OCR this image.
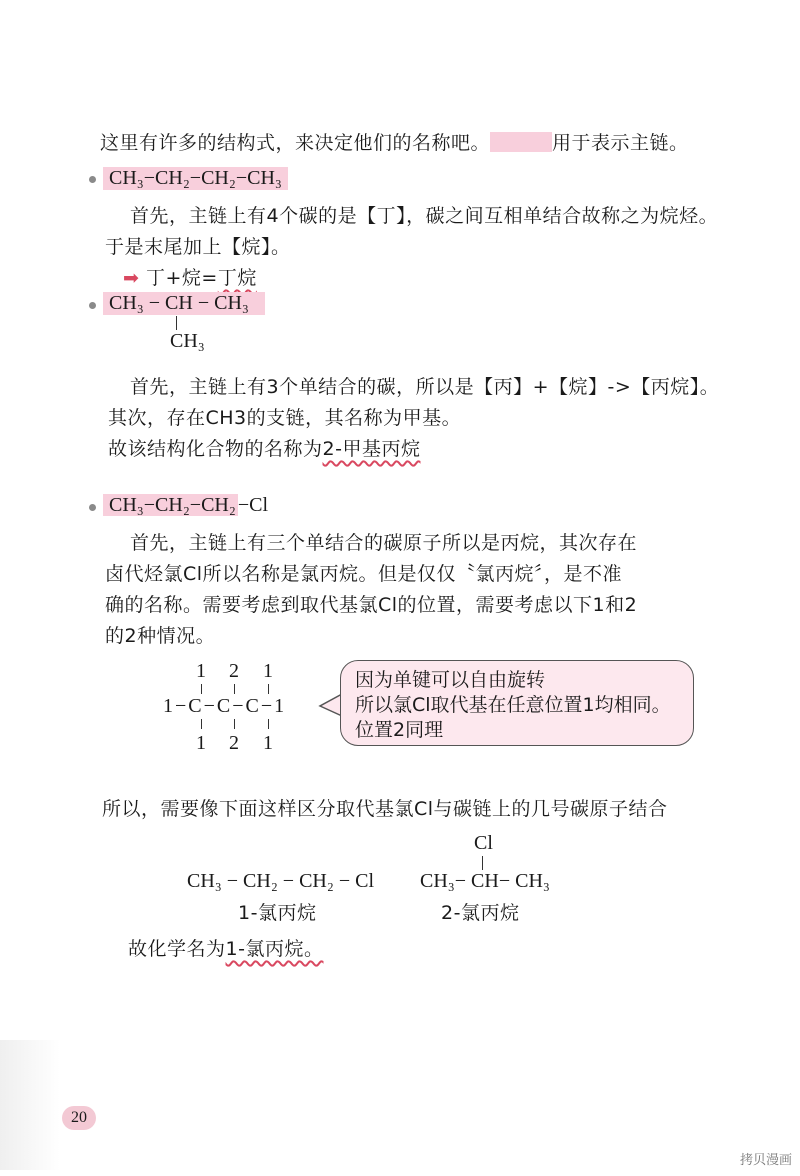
这里有许多的结构式，来决定他们的名称吧。	用于表示主链。
CH₃−CH₂−CH₂−CH₃
首先，主链上有4个碳的是【丁】，碳之间互相单结合故称之为烷烃。
于是末尾加上【烷】。
➡ 丁+烷=丁烷
CH₃ − CH − CH₃
CH₃
首先，主链上有3个单结合的碳，所以是【丙】+【烷】->【丙烷】。
其次，存在CH3的支链，其名称为甲基。
故该结构化合物的名称为2-甲基丙烷
CH₃−CH₂−CH₂ −Cl
首先，主链上有三个单结合的碳原子所以是丙烷，其次存在
卤代烃氯Cl所以名称是氯丙烷。但是仅仅〝氯丙烷〞，是不准
确的名称。需要考虑到取代基氯Cl的位置，需要考虑以下1和2
的2种情况。
1 2 1
1−C−C−C−1
1 2 1
因为单键可以自由旋转
所以氯Cl取代基在任意位置1均相同。
位置2同理
所以，需要像下面这样区分取代基氯Cl与碳链上的几号碳原子结合
CH₃ − CH₂ − CH₂ − Cl
1-氯丙烷
Cl
CH₃− CH− CH₃
2-氯丙烷
故化学名为1-氯丙烷。
20
拷贝漫画
